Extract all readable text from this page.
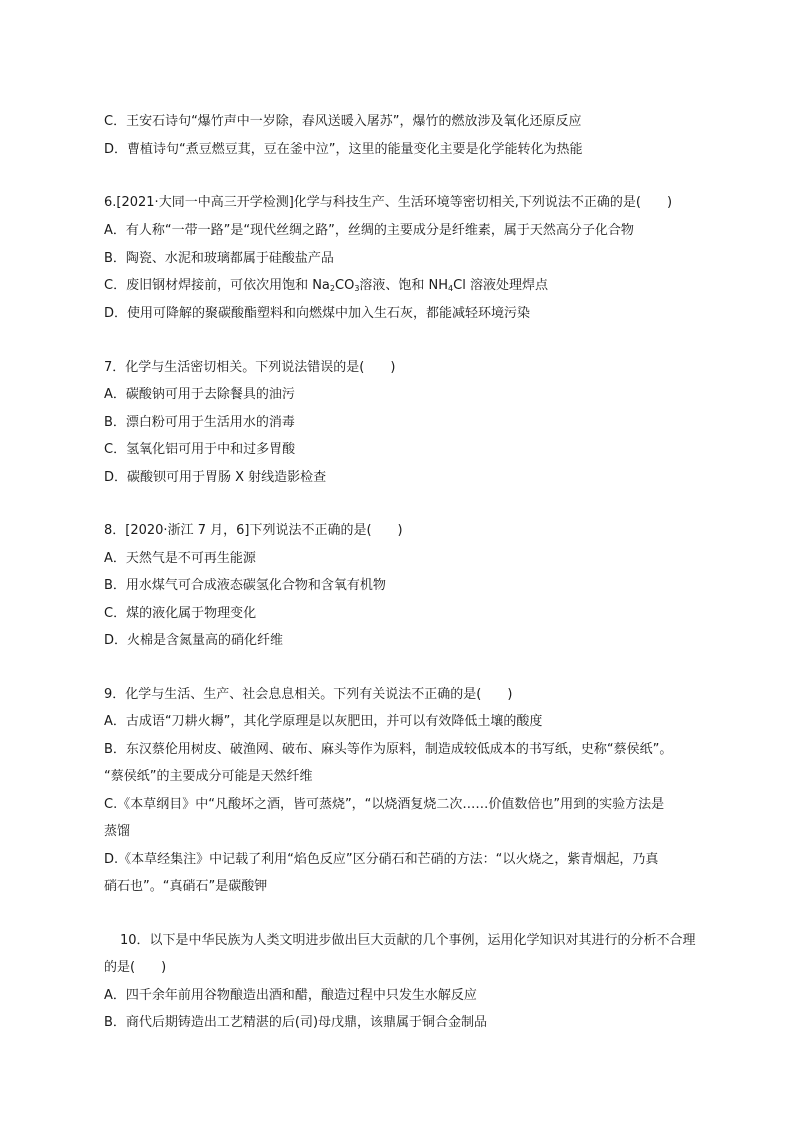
C．王安石诗句“爆竹声中一岁除，春风送暖入屠苏”，爆竹的燃放涉及氧化还原反应
D．曹植诗句“煮豆燃豆萁，豆在釜中泣”，这里的能量变化主要是化学能转化为热能
6.[2021·大同一中高三开学检测]化学与科技生产、生活环境等密切相关,下列说法不正确的是(　　)
A．有人称“一带一路”是“现代丝绸之路”，丝绸的主要成分是纤维素，属于天然高分子化合物
B．陶瓷、水泥和玻璃都属于硅酸盐产品
C．废旧钢材焊接前，可依次用饱和 $Na_2CO_3$溶液、饱和 $NH_4Cl$ 溶液处理焊点
D．使用可降解的聚碳酸酯塑料和向燃煤中加入生石灰，都能减轻环境污染
7．化学与生活密切相关。下列说法错误的是(　　)
A．碳酸钠可用于去除餐具的油污
B．漂白粉可用于生活用水的消毒
C．氢氧化铝可用于中和过多胃酸
D．碳酸钡可用于胃肠 X 射线造影检查
8．[2020·浙江 7 月，6]下列说法不正确的是(　　)
A．天然气是不可再生能源
B．用水煤气可合成液态碳氢化合物和含氧有机物
C．煤的液化属于物理变化
D．火棉是含氮量高的硝化纤维
9．化学与生活、生产、社会息息相关。下列有关说法不正确的是(　　)
A．古成语“刀耕火耨”，其化学原理是以灰肥田，并可以有效降低土壤的酸度
B．东汉蔡伦用树皮、破渔网、破布、麻头等作为原料，制造成较低成本的书写纸，史称“蔡侯纸”。
“蔡侯纸”的主要成分可能是天然纤维
C.《本草纲目》中“凡酸坏之酒，皆可蒸烧”，“以烧酒复烧二次……价值数倍也”用到的实验方法是
蒸馏
D.《本草经集注》中记载了利用“焰色反应”区分硝石和芒硝的方法：“以火烧之，紫青烟起，乃真
硝石也”。“真硝石”是碳酸钾
10．以下是中华民族为人类文明进步做出巨大贡献的几个事例，运用化学知识对其进行的分析不合理
的是(　　)
A．四千余年前用谷物酿造出酒和醋，酿造过程中只发生水解反应
B．商代后期铸造出工艺精湛的后(司)母戊鼎，该鼎属于铜合金制品
